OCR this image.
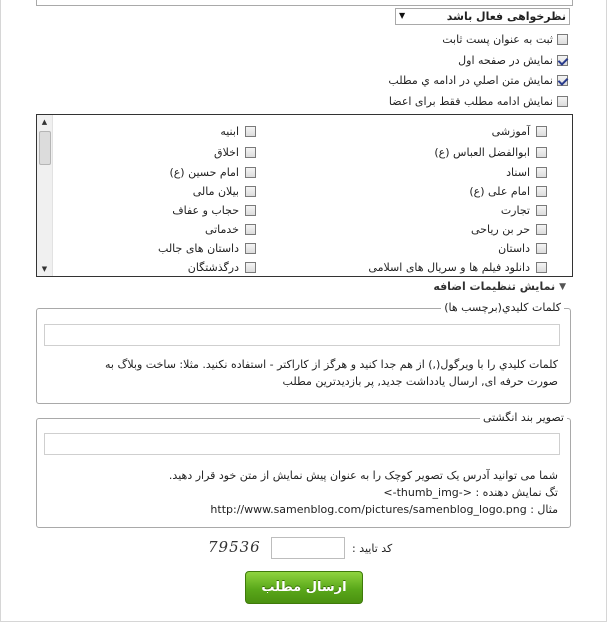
▼	نظرخواهی فعال باشد
ثبت به عنوان پست ثابت
نمايش در صفحه اول
نمايش متن اصلي در ادامه ي مطلب
نمایش ادامه مطلب فقط برای اعضا
▲
▼
آموزشی
ابوالفضل العباس (ع)
اسناد
امام علی (ع)
تجارت
حر بن ریاحی
داستان
دانلود فیلم ها و سریال های اسلامی
ابنیه
اخلاق
امام حسین (ع)
بیلان مالی
حجاب و عفاف
خدماتی
داستان های جالب
درگذشتگان
▼
نمايش تنظيمات اضافه
كلمات كليدي(برچسب ها)
كلمات كليدي را با ويرگول(,) از هم جدا كنيد و هرگز از كاراكتر - استفاده نكنيد. مثلا: ساخت وبلاگ به
صورت حرفه ای, ارسال یادداشت جدید, پر بازدیدترین مطلب
تصویر بند انگشتی
شما می توانید آدرس یک تصویر کوچک را به عنوان پیش نمایش از متن خود قرار دهید.
تگ نمایش دهنده : <-thumb_img->
مثال : http://www.samenblog.com/pictures/samenblog_logo.png
کد تایید :
79536
ارسال مطلب
